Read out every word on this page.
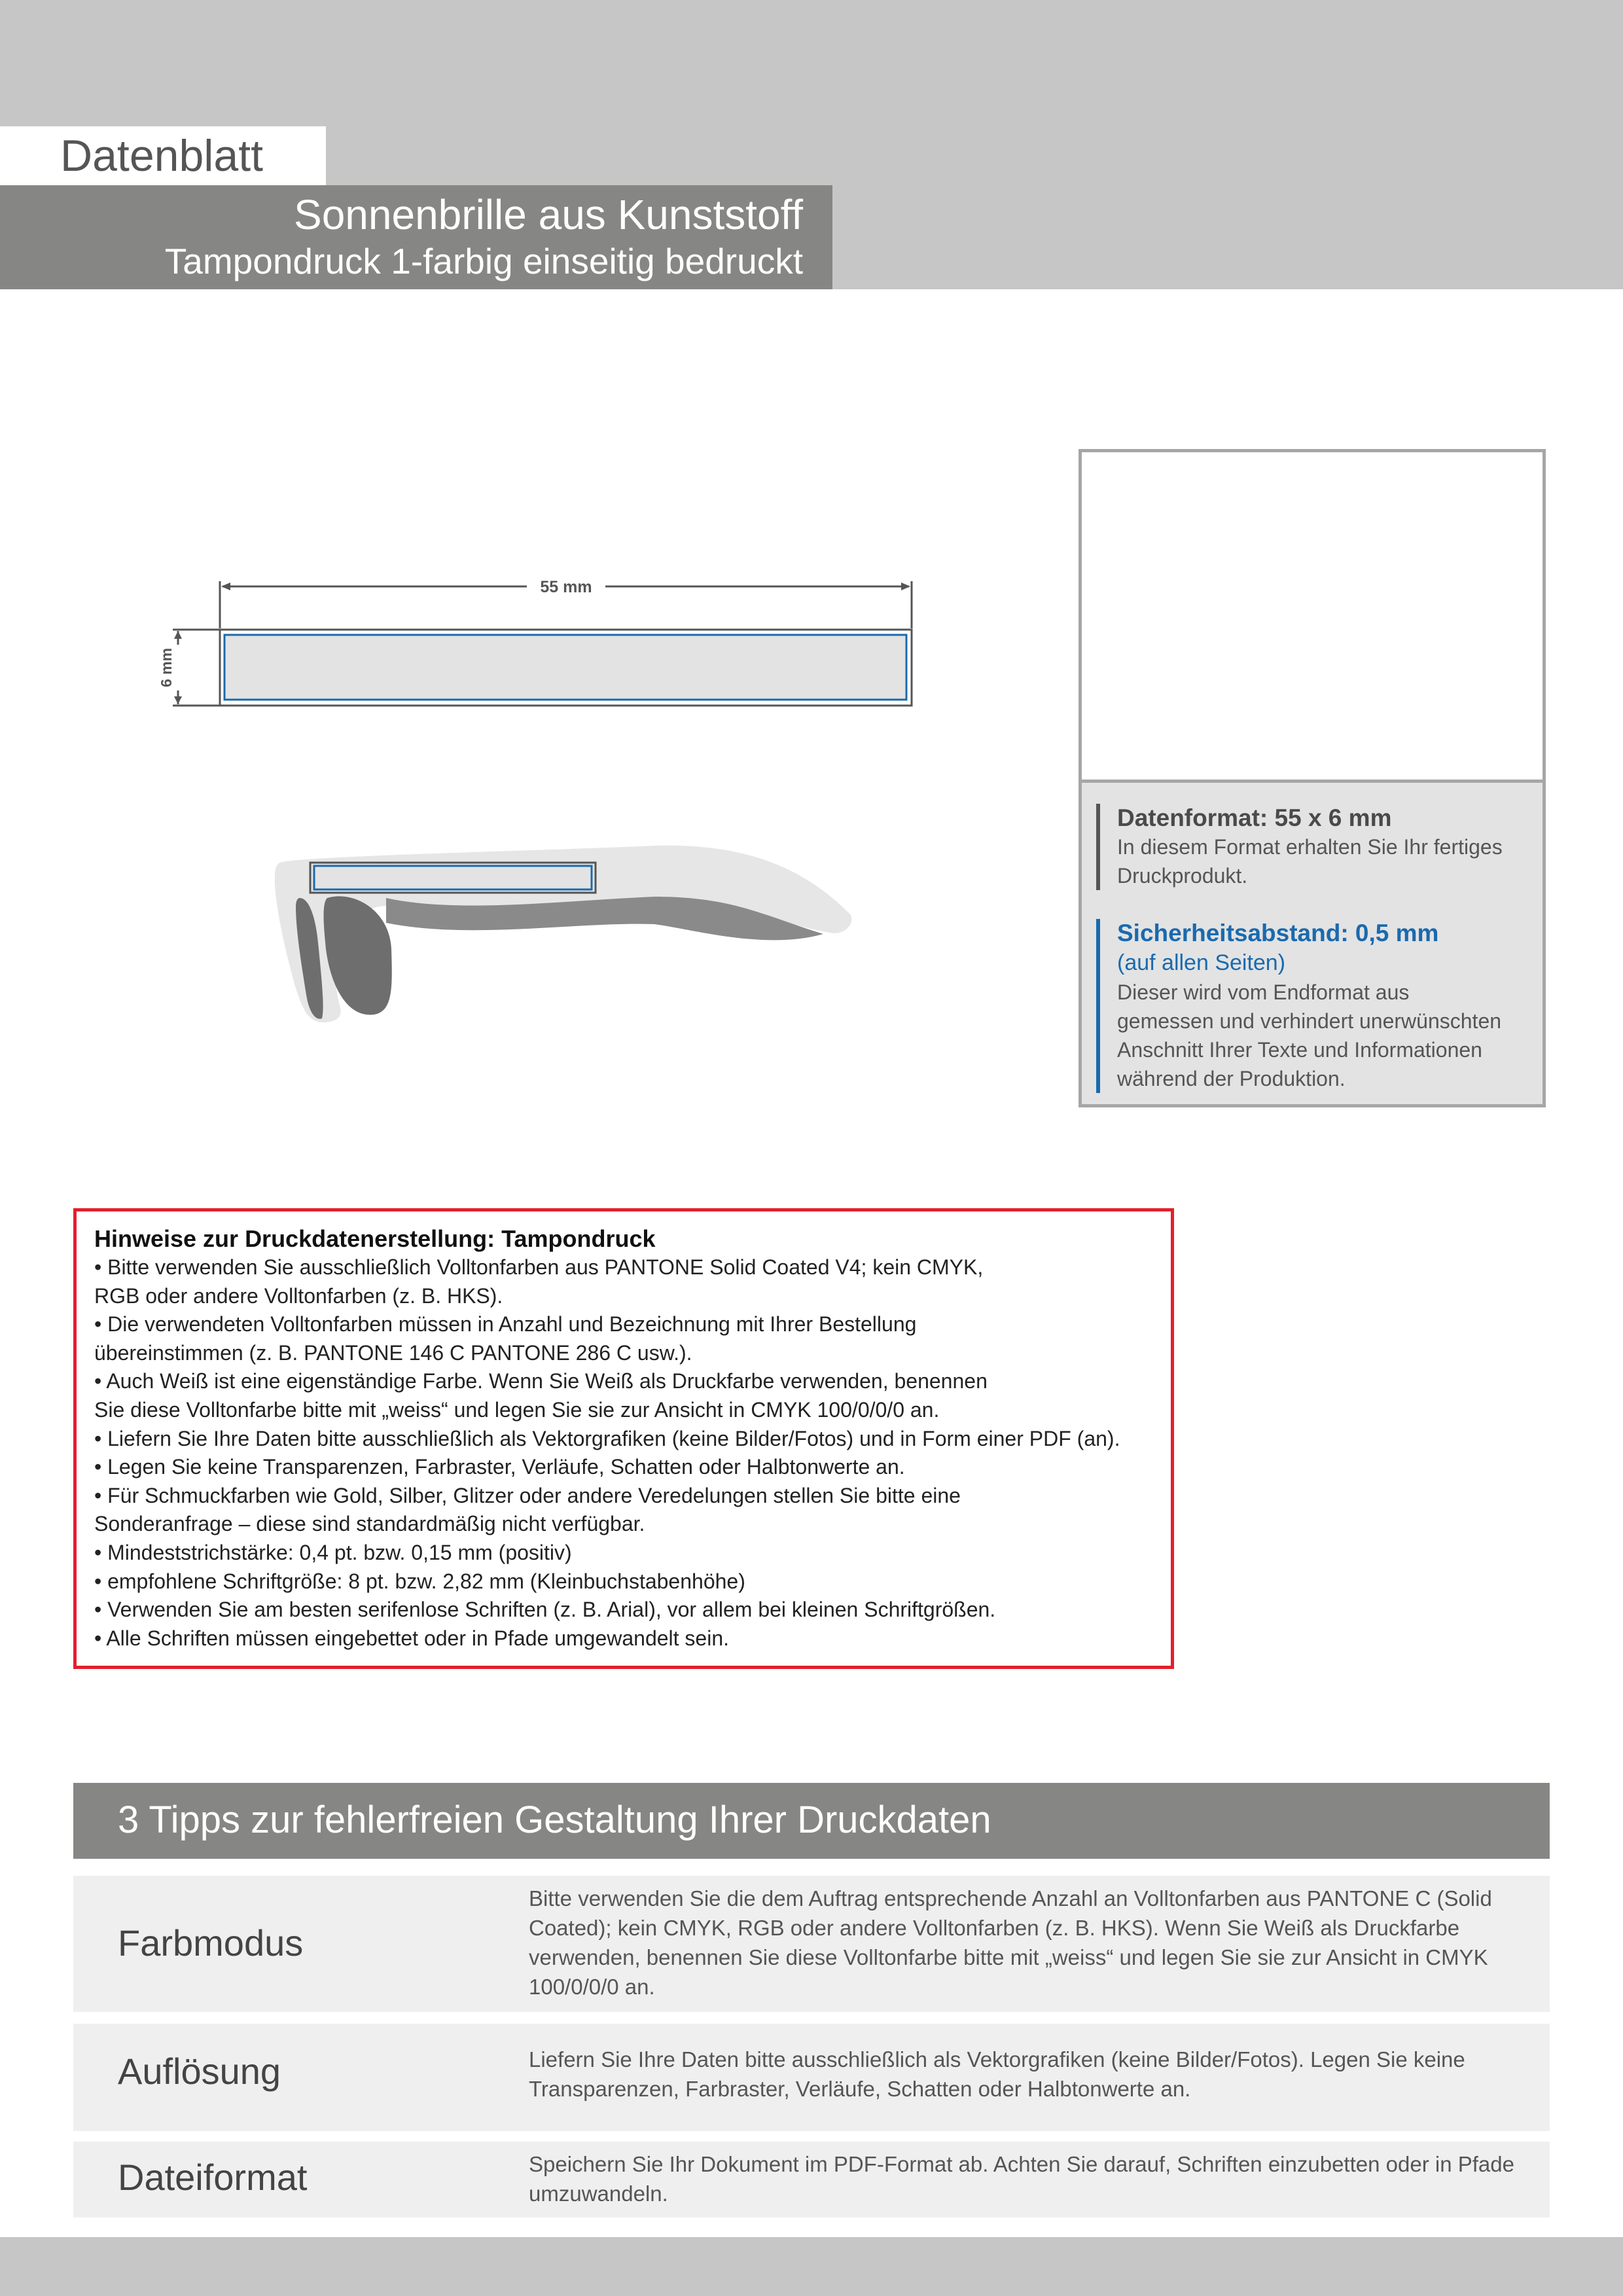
Datenblatt
Sonnenbrille aus Kunststoff
Tampondruck 1-farbig einseitig bedruckt
55 mm
6 mm
Datenformat: 55 x 6 mm
In diesem Format erhalten Sie Ihr fertiges Druckprodukt.
Sicherheitsabstand: 0,5 mm
(auf allen Seiten)
Dieser wird vom Endformat aus gemessen und verhindert unerwünschten Anschnitt Ihrer Texte und Informationen während der Produktion.
Hinweise zur Druckdatenerstellung: Tampondruck
• Bitte verwenden Sie ausschließlich Volltonfarben aus PANTONE Solid Coated V4; kein CMYK,
RGB oder andere Volltonfarben (z. B. HKS).
• Die verwendeten Volltonfarben müssen in Anzahl und Bezeichnung mit Ihrer Bestellung
übereinstimmen (z. B. PANTONE 146 C PANTONE 286 C usw.).
• Auch Weiß ist eine eigenständige Farbe. Wenn Sie Weiß als Druckfarbe verwenden, benennen
Sie diese Volltonfarbe bitte mit „weiss“ und legen Sie sie zur Ansicht in CMYK 100/0/0/0 an.
• Liefern Sie Ihre Daten bitte ausschließlich als Vektorgrafiken (keine Bilder/Fotos) und in Form einer PDF (an).
• Legen Sie keine Transparenzen, Farbraster, Verläufe, Schatten oder Halbtonwerte an.
• Für Schmuckfarben wie Gold, Silber, Glitzer oder andere Veredelungen stellen Sie bitte eine
Sonderanfrage – diese sind standardmäßig nicht verfügbar.
• Mindeststrichstärke: 0,4 pt. bzw. 0,15 mm (positiv)
• empfohlene Schriftgröße: 8 pt. bzw. 2,82 mm (Kleinbuchstabenhöhe)
• Verwenden Sie am besten serifenlose Schriften (z. B. Arial), vor allem bei kleinen Schriftgrößen.
• Alle Schriften müssen eingebettet oder in Pfade umgewandelt sein.
3 Tipps zur fehlerfreien Gestaltung Ihrer Druckdaten
Farbmodus
Bitte verwenden Sie die dem Auftrag entsprechende Anzahl an Volltonfarben aus PANTONE C (Solid Coated); kein CMYK, RGB oder andere Volltonfarben (z. B. HKS). Wenn Sie Weiß als Druckfarbe verwenden, benennen Sie diese Volltonfarbe bitte mit „weiss“ und legen Sie sie zur Ansicht in CMYK 100/0/0/0 an.
Auflösung	Liefern Sie Ihre Daten bitte ausschließlich als Vektorgrafiken (keine Bilder/Fotos). Legen Sie keine Transparenzen, Farbraster, Verläufe, Schatten oder Halbtonwerte an.
Dateiformat	Speichern Sie Ihr Dokument im PDF-Format ab. Achten Sie darauf, Schriften einzubetten oder in Pfade umzuwandeln.
